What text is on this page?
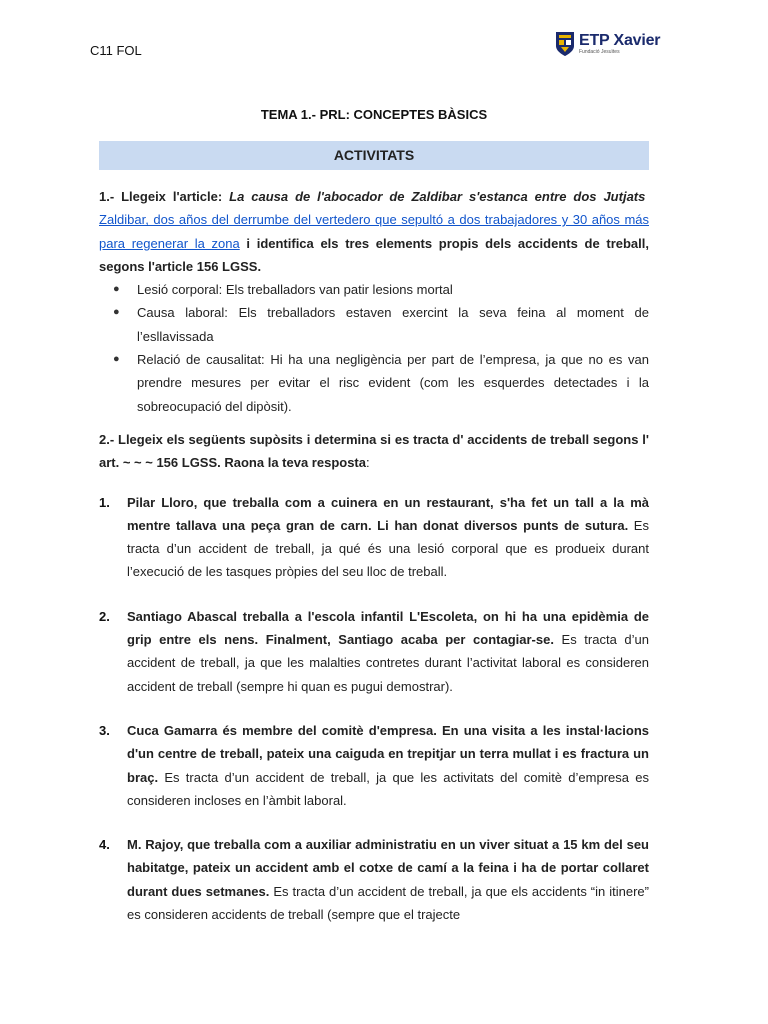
C11 FOL
ETP Xavier
Fundació Jesuïtes
TEMA 1.- PRL: CONCEPTES BÀSICS
ACTIVITATS

1.- Llegeix l'article: La causa de l'abocador de Zaldibar s'estanca entre dos Jutjats  Zaldibar, dos años del derrumbe del vertedero que sepultó a dos trabajadores y 30 años más para regenerar la zona i identifica els tres elements propis dels accidents de treball, segons l'article 156 LGSS.

● Lesió corporal: Els treballadors van patir lesions mortal
● Causa laboral: Els treballadors estaven exercint la seva feina al moment de l’esllavissada
● Relació de causalitat: Hi ha una negligència per part de l’empresa, ja que no es van prendre mesures per evitar el risc evident (com les esquerdes detectades i la sobreocupació del dipòsit).

2.- Llegeix els següents supòsits i determina si es tracta d' accidents de treball segons l' art. ~ ~ ~ 156 LGSS. Raona la teva resposta:

1. Pilar Lloro, que treballa com a cuinera en un restaurant, s'ha fet un tall a la mà mentre tallava una peça gran de carn. Li han donat diversos punts de sutura. Es tracta d’un accident de treball, ja qué és una lesió corporal que es produeix durant l’execució de les tasques pròpies del seu lloc de treball.
2. Santiago Abascal treballa a l'escola infantil L'Escoleta, on hi ha una epidèmia de grip entre els nens. Finalment, Santiago acaba per contagiar-se. Es tracta d’un accident de treball, ja que les malalties contretes durant l’activitat laboral es consideren accident de treball (sempre hi quan es pugui demostrar).
3. Cuca Gamarra és membre del comitè d'empresa. En una visita a les instal·lacions d'un centre de treball, pateix una caiguda en trepitjar un terra mullat i es fractura un braç. Es tracta d’un accident de treball, ja que les activitats del comitè d’empresa es consideren incloses en l’àmbit laboral.
4. M. Rajoy, que treballa com a auxiliar administratiu en un viver situat a 15 km del seu habitatge, pateix un accident amb el cotxe de camí a la feina i ha de portar collaret durant dues setmanes. Es tracta d’un accident de treball, ja que els accidents “in itinere” es consideren accidents de treball (sempre que el trajecte
